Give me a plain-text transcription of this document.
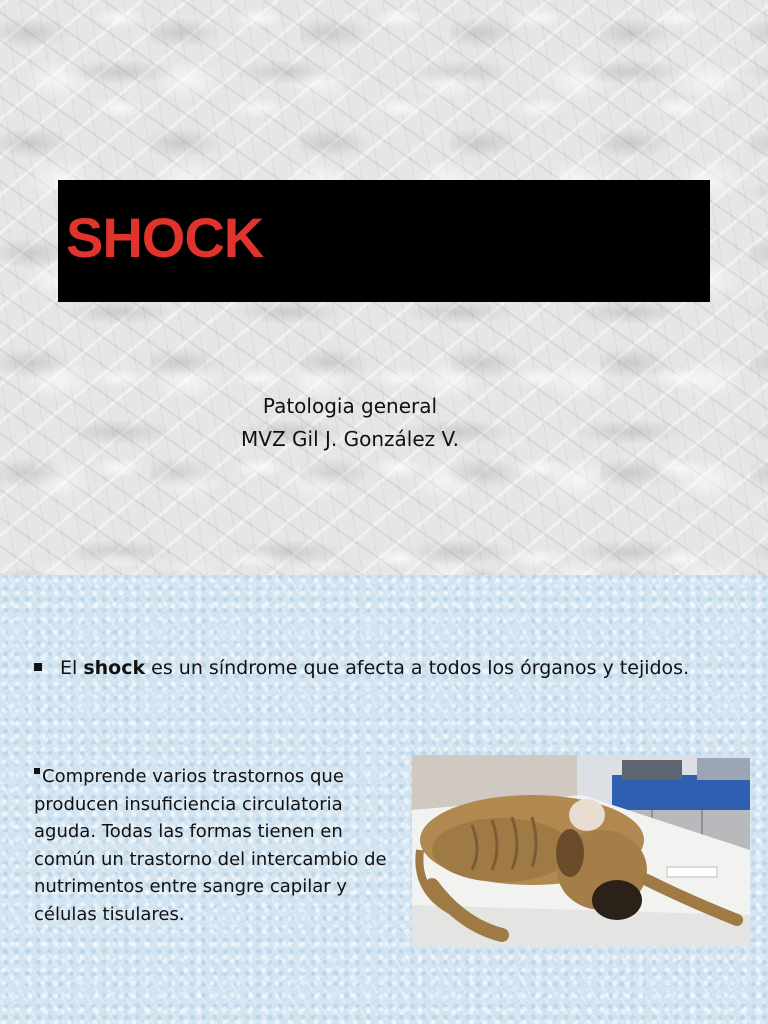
SHOCK
Patologia general
MVZ Gil J. González V.
El shock es un síndrome que afecta a todos los órganos y tejidos.
Comprende varios trastornos que producen insuficiencia circulatoria aguda. Todas las formas tienen en común un trastorno del intercambio de nutrimentos entre sangre capilar y células tisulares.
